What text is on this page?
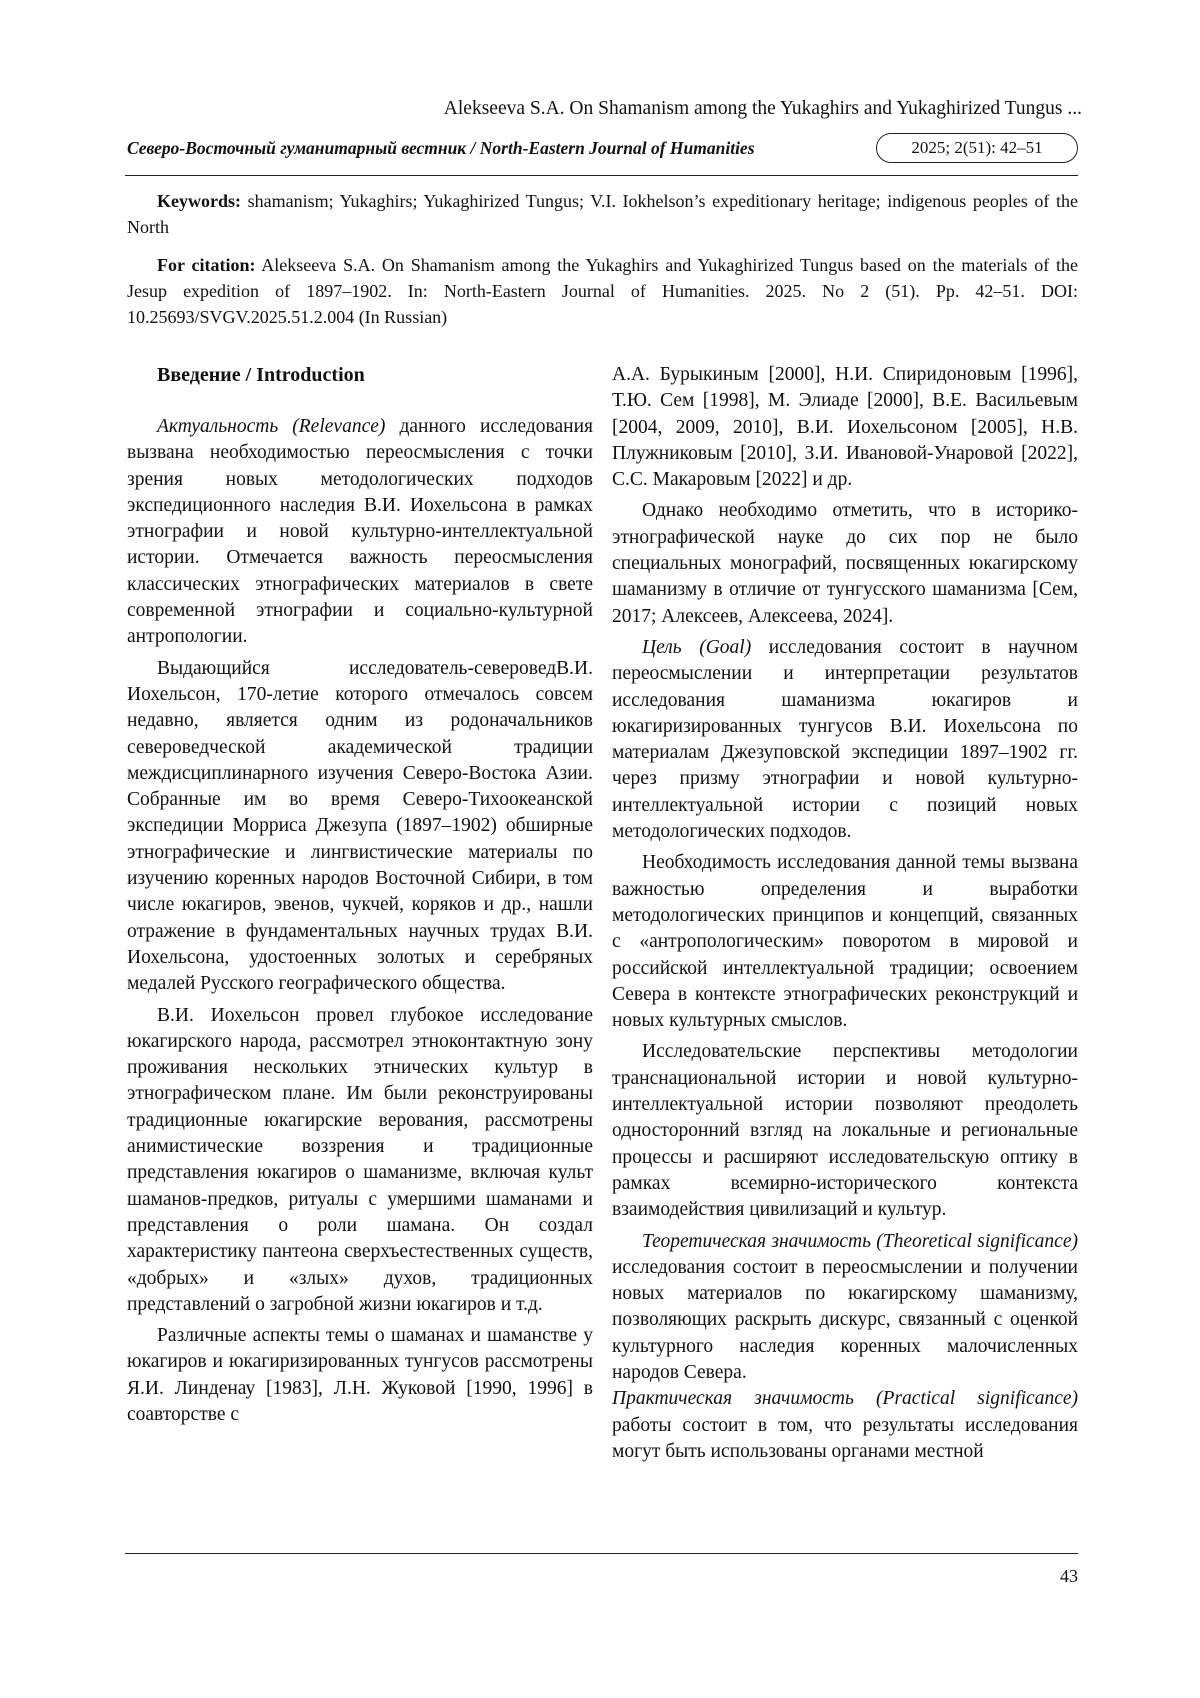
Alekseeva S.A. On Shamanism among the Yukaghirs and Yukaghirized Tungus ...
Северо-Восточный гуманитарный вестник / North-Eastern Journal of Humanities	2025; 2(51): 42–51

Keywords: shamanism; Yukaghirs; Yukaghirized Tungus; V.I. Iokhelson’s expeditionary heritage; indigenous peoples of the North

For citation: Alekseeva S.A. On Shamanism among the Yukaghirs and Yukaghirized Tungus based on the materials of the Jesup expedition of 1897–1902. In: North-Eastern Journal of Humanities. 2025. No 2 (51). Pp. 42–51. DOI: 10.25693/SVGV.2025.51.2.004 (In Russian)

Введение / Introduction

Актуальность (Relevance) данного исследования вызвана необходимостью переосмысления с точки зрения новых методологических подходов экспедиционного наследия В.И. Иохельсона в рамках этнографии и новой культурно-интеллектуальной истории. Отмечается важность переосмысления классических этнографических материалов в свете современной этнографии и социально-культурной антропологии.

Выдающийся исследователь-североведВ.И. Иохельсон, 170-летие которого отмечалось совсем недавно, является одним из родоначальников североведческой академической традиции междисциплинарного изучения Северо-Востока Азии. Собранные им во время Северо-Тихоокеанской экспедиции Морриса Джезупа (1897–1902) обширные этнографические и лингвистические материалы по изучению коренных народов Восточной Сибири, в том числе юкагиров, эвенов, чукчей, коряков и др., нашли отражение в фундаментальных научных трудах В.И. Иохельсона, удостоенных золотых и серебряных медалей Русского географического общества.

В.И. Иохельсон провел глубокое исследование юкагирского народа, рассмотрел этноконтактную зону проживания нескольких этнических культур в этнографическом плане. Им были реконструированы традиционные юкагирские верования, рассмотрены анимистические воззрения и традиционные представления юкагиров о шаманизме, включая культ шаманов-предков, ритуалы с умершими шаманами и представления о роли шамана. Он создал характеристику пантеона сверхъестественных существ, «добрых» и «злых» духов, традиционных представлений о загробной жизни юкагиров и т.д.

Различные аспекты темы о шаманах и шаманстве у юкагиров и юкагиризированных тунгусов рассмотрены Я.И. Линденау [1983], Л.Н. Жуковой [1990, 1996] в соавторстве с

А.А. Бурыкиным [2000], Н.И. Спиридоновым [1996], Т.Ю. Сем [1998], М. Элиаде [2000], В.Е. Васильевым [2004, 2009, 2010], В.И. Иохельсоном [2005], Н.В. Плужниковым [2010], З.И. Ивановой-Унаровой [2022], С.С. Макаровым [2022] и др.

Однако необходимо отметить, что в историко-этнографической науке до сих пор не было специальных монографий, посвященных юкагирскому шаманизму в отличие от тунгусского шаманизма [Сем, 2017; Алексеев, Алексеева, 2024].

Цель (Goal) исследования состоит в научном переосмыслении и интерпретации результатов исследования шаманизма юкагиров и юкагиризированных тунгусов В.И. Иохельсона по материалам Джезуповской экспедиции 1897–1902 гг. через призму этнографии и новой культурно-интеллектуальной истории с позиций новых методологических подходов.

Необходимость исследования данной темы вызвана важностью определения и выработки методологических принципов и концепций, связанных с «антропологическим» поворотом в мировой и российской интеллектуальной традиции; освоением Севера в контексте этнографических реконструкций и новых культурных смыслов.

Исследовательские перспективы методологии транснациональной истории и новой культурно-интеллектуальной истории позволяют преодолеть односторонний взгляд на локальные и региональные процессы и расширяют исследовательскую оптику в рамках всемирно-исторического контекста взаимодействия цивилизаций и культур.

Теоретическая значимость (Theoretical significance) исследования состоит в переосмыслении и получении новых материалов по юкагирскому шаманизму, позволяющих раскрыть дискурс, связанный с оценкой культурного наследия коренных малочисленных народов Севера.

Практическая значимость (Practical significance) работы состоит в том, что результаты исследования могут быть использованы органами местной

43
